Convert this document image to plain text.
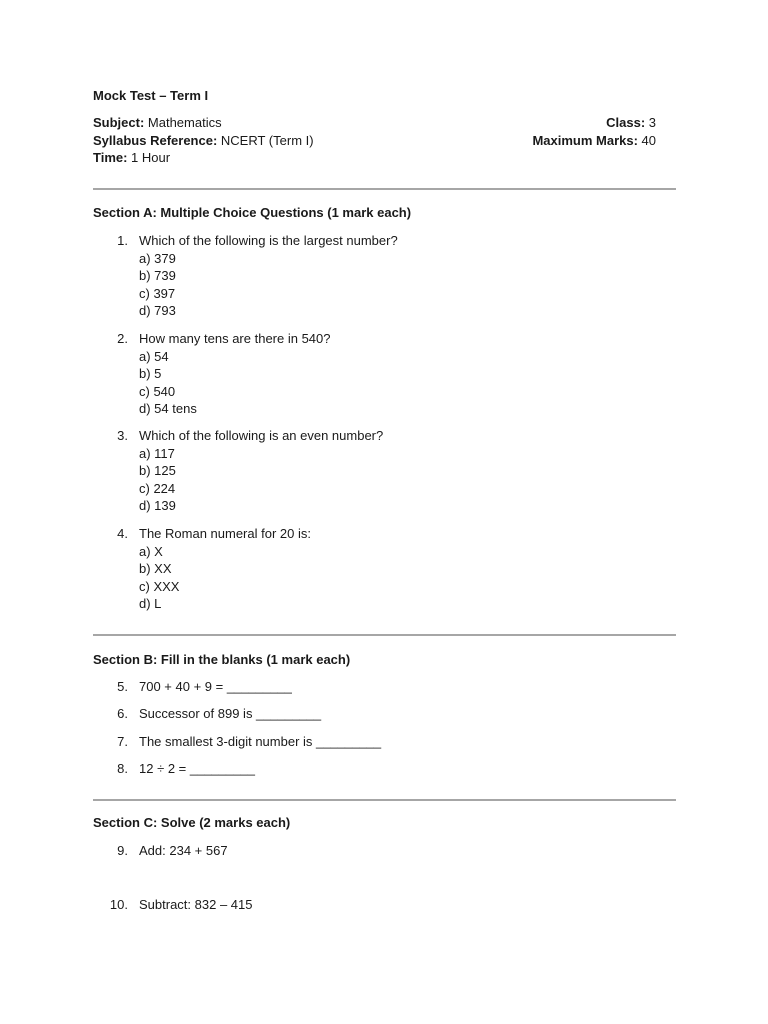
Mock Test – Term I
Subject: Mathematics	Class: 3
Syllabus Reference: NCERT (Term I)	Maximum Marks: 40
Time: 1 Hour
Section A: Multiple Choice Questions (1 mark each)
1. Which of the following is the largest number?
a) 379
b) 739
c) 397
d) 793
2. How many tens are there in 540?
a) 54
b) 5
c) 540
d) 54 tens
3. Which of the following is an even number?
a) 117
b) 125
c) 224
d) 139
4. The Roman numeral for 20 is:
a) X
b) XX
c) XXX
d) L
Section B: Fill in the blanks (1 mark each)
5. 700 + 40 + 9 = _________
6. Successor of 899 is _________
7. The smallest 3-digit number is _________
8. 12 ÷ 2 = _________
Section C: Solve (2 marks each)
9. Add: 234 + 567
10. Subtract: 832 – 415
